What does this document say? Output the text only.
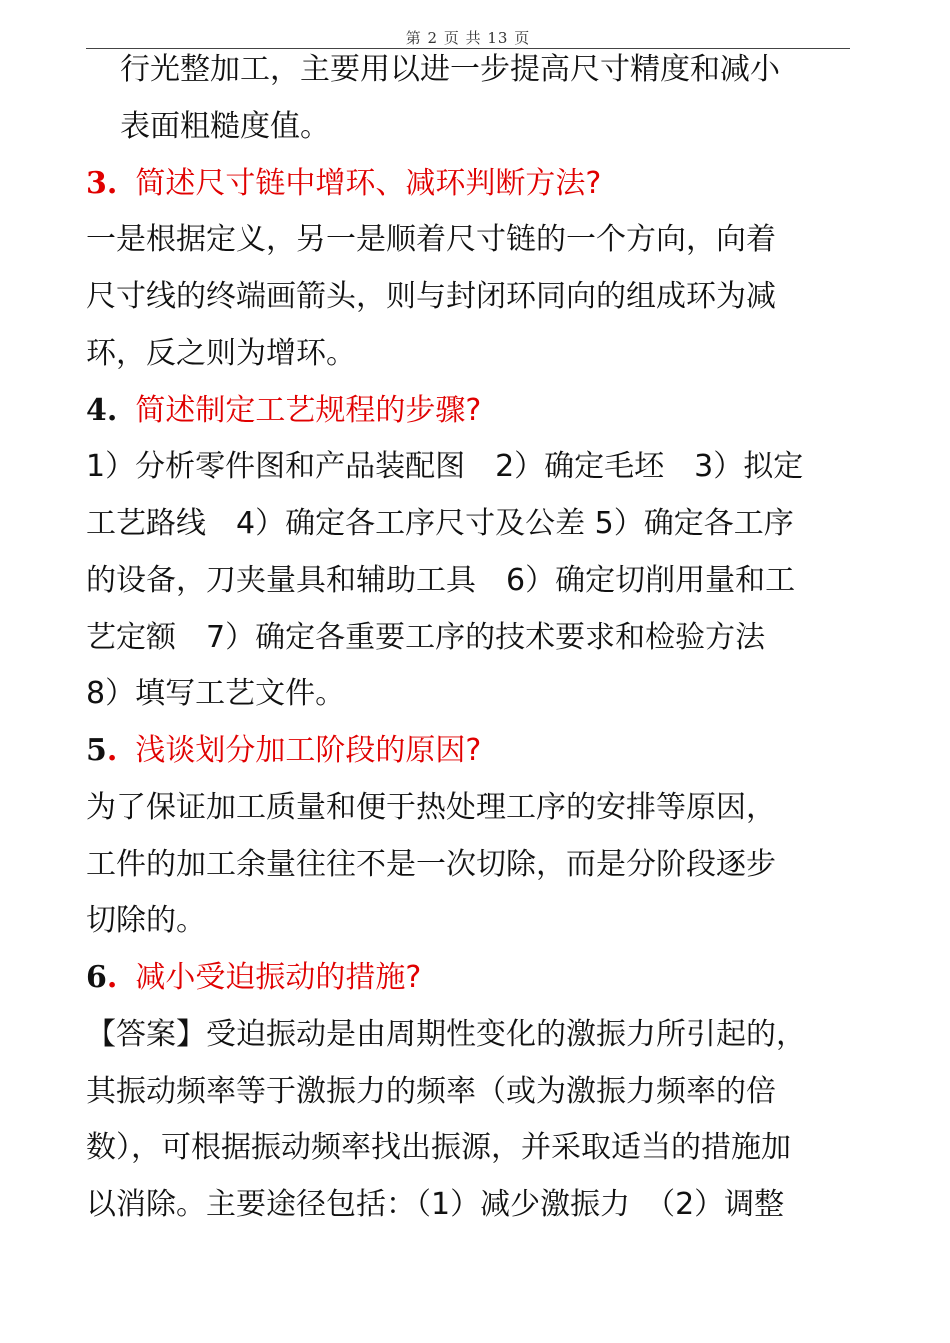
第 2 页 共 13 页
行光整加工，主要用以进一步提高尺寸精度和减小
表面粗糙度值。
3. 简述尺寸链中增环、减环判断方法?
一是根据定义，另一是顺着尺寸链的一个方向，向着
尺寸线的终端画箭头，则与封闭环同向的组成环为减
环，反之则为增环。
4. 简述制定工艺规程的步骤?
1）分析零件图和产品装配图　2）确定毛坯　3）拟定
工艺路线　4）确定各工序尺寸及公差 5）确定各工序
的设备，刀夹量具和辅助工具　6）确定切削用量和工
艺定额　7）确定各重要工序的技术要求和检验方法
8）填写工艺文件。
5. 浅谈划分加工阶段的原因?
为了保证加工质量和便于热处理工序的安排等原因，
工件的加工余量往往不是一次切除，而是分阶段逐步
切除的。
6. 减小受迫振动的措施?
【答案】受迫振动是由周期性变化的激振力所引起的，
其振动频率等于激振力的频率（或为激振力频率的倍
数），可根据振动频率找出振源，并采取适当的措施加
以消除。主要途径包括：（1）减少激振力　（2）调整
